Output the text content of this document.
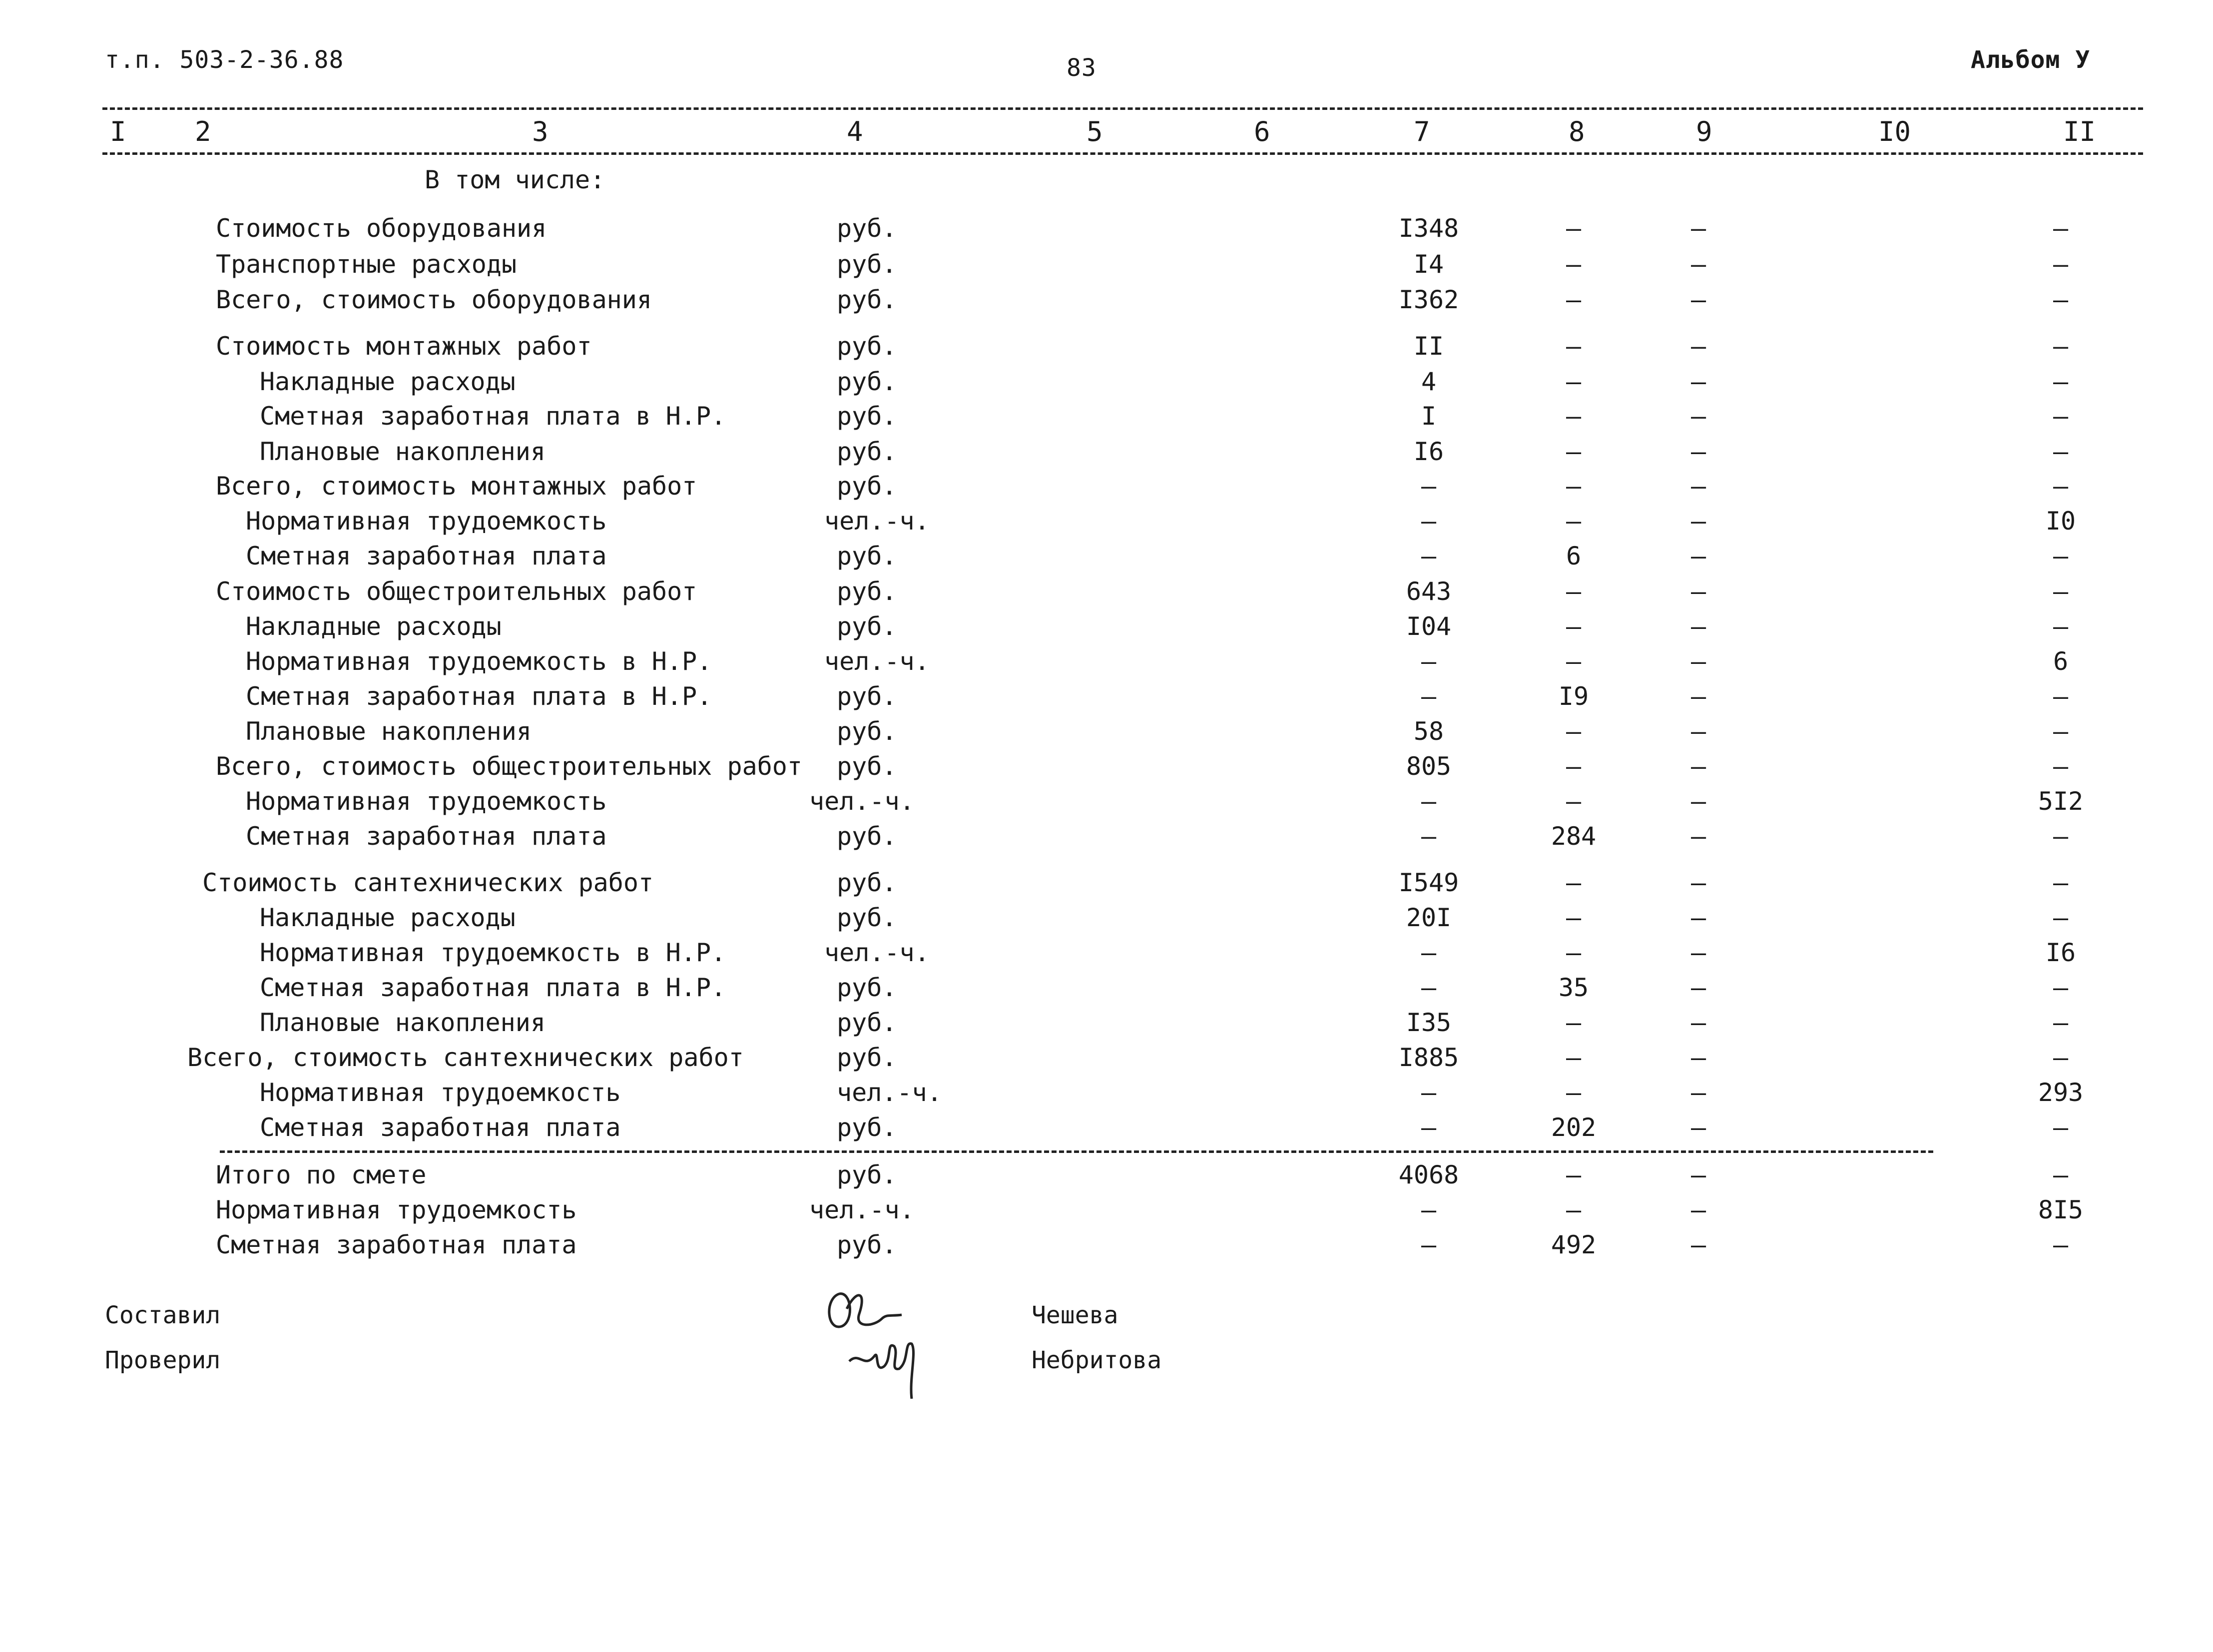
т.п. 503-2-36.88	83	Альбом У
I	2	3	4	5	6	7	8	9	I0	II
В том числе:
Стоимость оборудования	руб.	I348	–	–	–
Транспортные расходы	руб.	I4	–	–	–
Всего, стоимость оборудования	руб.	I362	–	–	–
Стоимость монтажных работ	руб.	II	–	–	–
Накладные расходы	руб.	4	–	–	–
Сметная заработная плата в Н.Р.	руб.	I	–	–	–
Плановые накопления	руб.	I6	–	–	–
Всего, стоимость монтажных работ	руб.	–	–	–	–
Нормативная трудоемкость	чел.-ч.	–	–	–	I0
Сметная заработная плата	руб.	–	6	–	–
Стоимость общестроительных работ	руб.	643	–	–	–
Накладные расходы	руб.	I04	–	–	–
Нормативная трудоемкость в Н.Р.	чел.-ч.	–	–	–	6
Сметная заработная плата в Н.Р.	руб.	–	I9	–	–
Плановые накопления	руб.	58	–	–	–
Всего, стоимость общестроительных работ руб.	805	–	–	–
Нормативная трудоемкость	чел.-ч.	–	–	–	5I2
Сметная заработная плата	руб.	–	284	–	–
Стоимость сантехнических работ	руб.	I549	–	–	–
Накладные расходы	руб.	20I	–	–	–
Нормативная трудоемкость в Н.Р.	чел.-ч.	–	–	–	I6
Сметная заработная плата в Н.Р.	руб.	–	35	–	–
Плановые накопления	руб.	I35	–	–	–
Всего, стоимость сантехнических работ	руб.	I885	–	–	–
Нормативная трудоемкость	чел.-ч.	–	–	–	293
Сметная заработная плата	руб.	–	202	–	–
Итого по смете	руб.	4068	–	–	–
Нормативная трудоемкость	чел.-ч.	–	–	–	8I5
Сметная заработная плата	руб.	–	492	–	–
Составил	Чешева
Проверил	Небритова
